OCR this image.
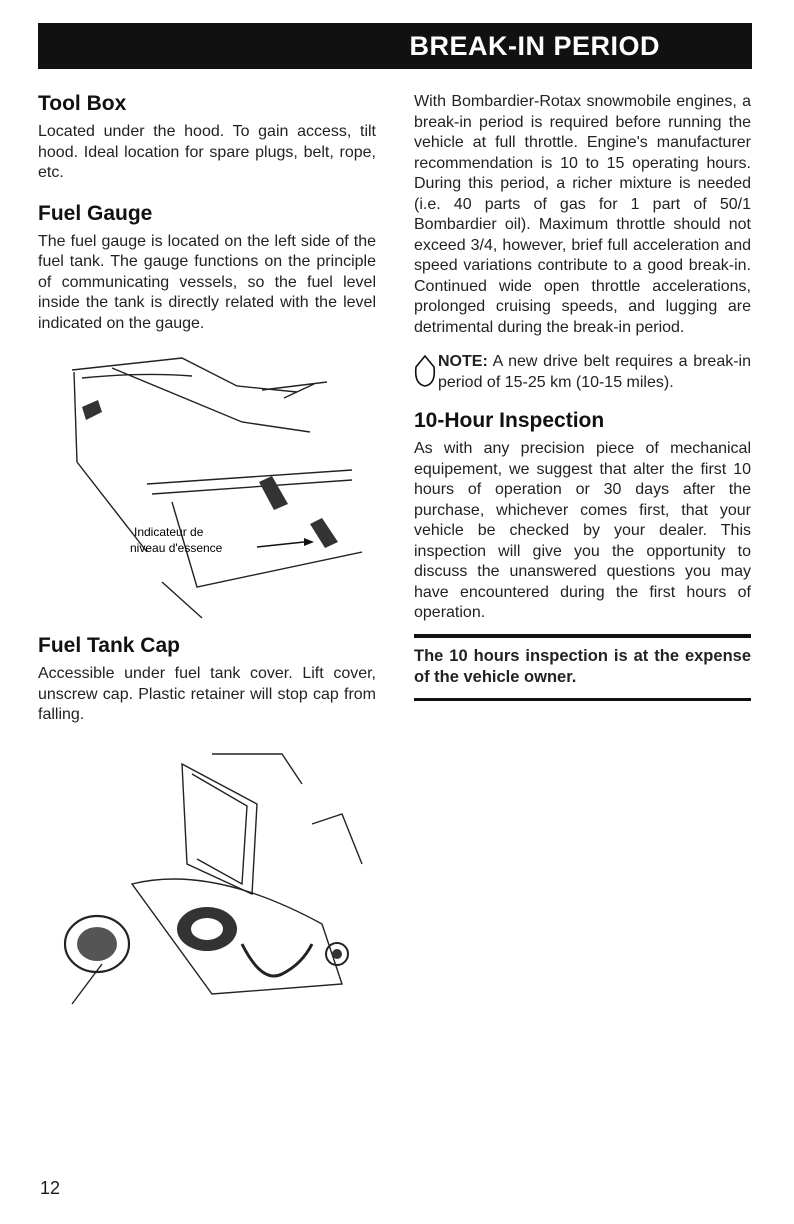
BREAK-IN PERIOD
Tool Box

Located under the hood. To gain access, tilt hood. Ideal location for spare plugs, belt, rope, etc.

Fuel Gauge

The fuel gauge is located on the left side of the fuel tank. The gauge functions on the principle of communicating vessels, so the fuel level inside the tank is directly related with the level indicated on the gauge.

Indicateur de
niveau d'essence
Fuel Tank Cap

Accessible under fuel tank cover. Lift cover, unscrew cap. Plastic retainer will stop cap from falling.

With Bombardier-Rotax snowmobile engines, a break-in period is required before running the vehicle at full throttle. Engine's manufacturer recommendation is 10 to 15 operating hours. During this period, a richer mixture is needed (i.e. 40 parts of gas for 1 part of 50/1 Bombardier oil). Maximum throttle should not exceed 3/4, however, brief full acceleration and speed variations contribute to a good break-in. Continued wide open throttle accelerations, prolonged cruising speeds, and lugging are detrimental during the break-in period.

NOTE: A new drive belt requires a break-in period of 15-25 km (10-15 miles).

10-Hour Inspection

As with any precision piece of mechanical equipement, we suggest that alter the first 10 hours of operation or 30 days after the purchase, whichever comes first, that your vehicle be checked by your dealer. This inspection will give you the opportunity to discuss the unanswered questions you may have encountered during the first hours of operation.

The 10 hours inspection is at the expense of the vehicle owner.

12
